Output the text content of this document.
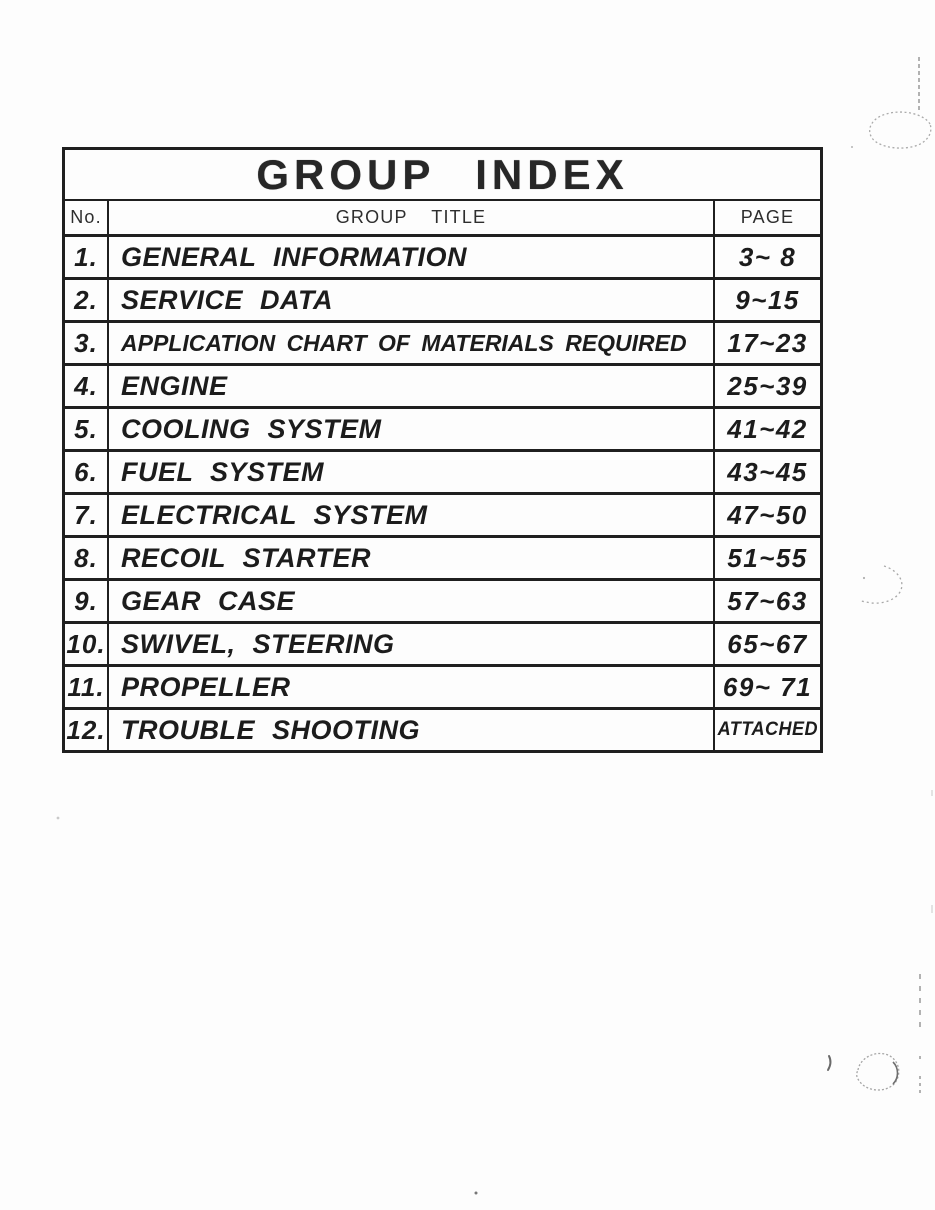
GROUP INDEX
No.	GROUP TITLE	PAGE
1. GENERAL INFORMATION	3~ 8
2. SERVICE DATA	9~15
3. APPLICATION CHART OF MATERIALS REQUIRED 17~23
4. ENGINE	25~39
5. COOLING SYSTEM	41~42
6. FUEL SYSTEM	43~45
7. ELECTRICAL SYSTEM	47~50
8. RECOIL STARTER	51~55
9. GEAR CASE	57~63
10. SWIVEL, STEERING	65~67
11. PROPELLER	69~ 71
12. TROUBLE SHOOTING	ATTACHED
